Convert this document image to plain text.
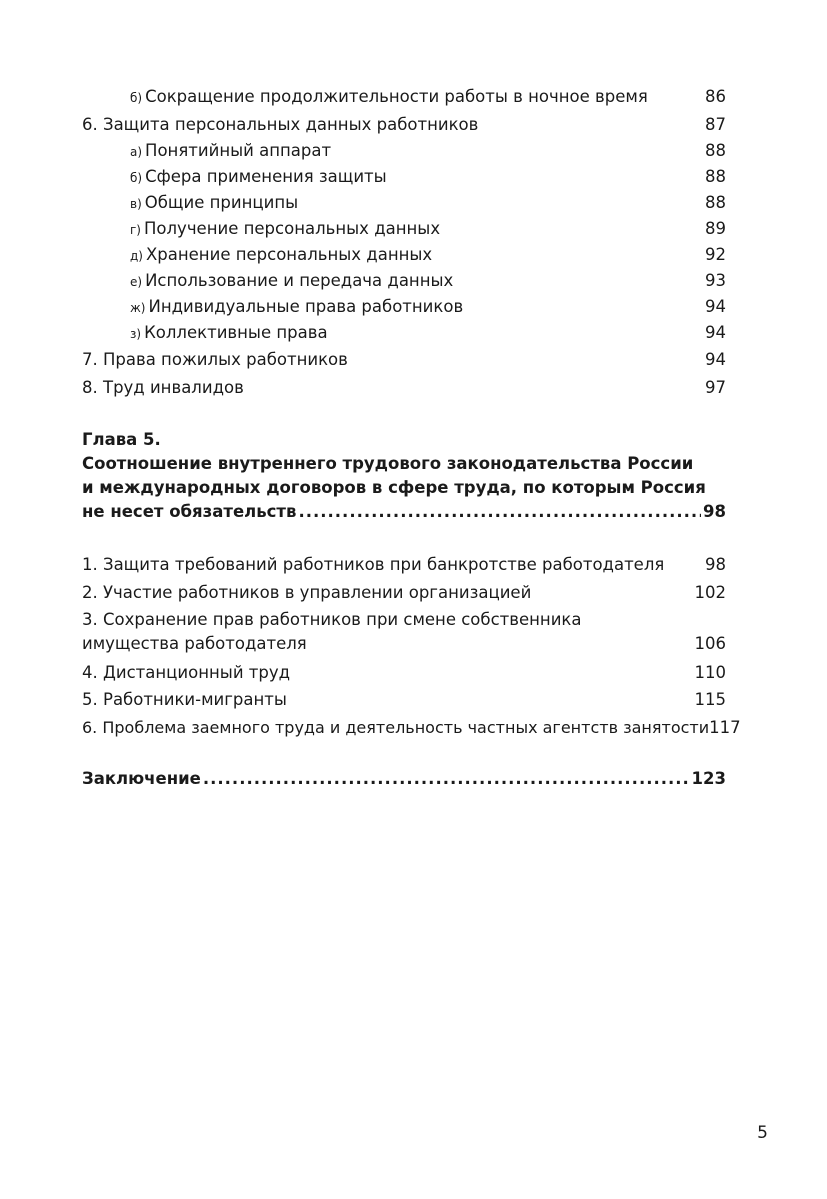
б) Сокращение продолжительности работы в ночное время	86
6. Защита персональных данных работников	87
а) Понятийный аппарат	88
б) Сфера применения защиты	88
в) Общие принципы	88
г) Получение персональных данных	89
д) Хранение персональных данных	92
е) Использование и передача данных	93
ж) Индивидуальные права работников	94
з) Коллективные права	94
7. Права пожилых работников	94
8. Труд инвалидов	97
Глава 5.
Соотношение внутреннего трудового законодательства России
и международных договоров в сфере труда, по которым Россия
не несет обязательств .....	98
1. Защита требований работников при банкротстве работодателя	98
2. Участие работников в управлении организацией	102
3. Сохранение прав работников при смене собственника имущества работодателя	106
4. Дистанционный труд	110
5. Работники-мигранты	115
6. Проблема заемного труда и деятельность частных агентств занятости 117
Заключение .....	123
5
